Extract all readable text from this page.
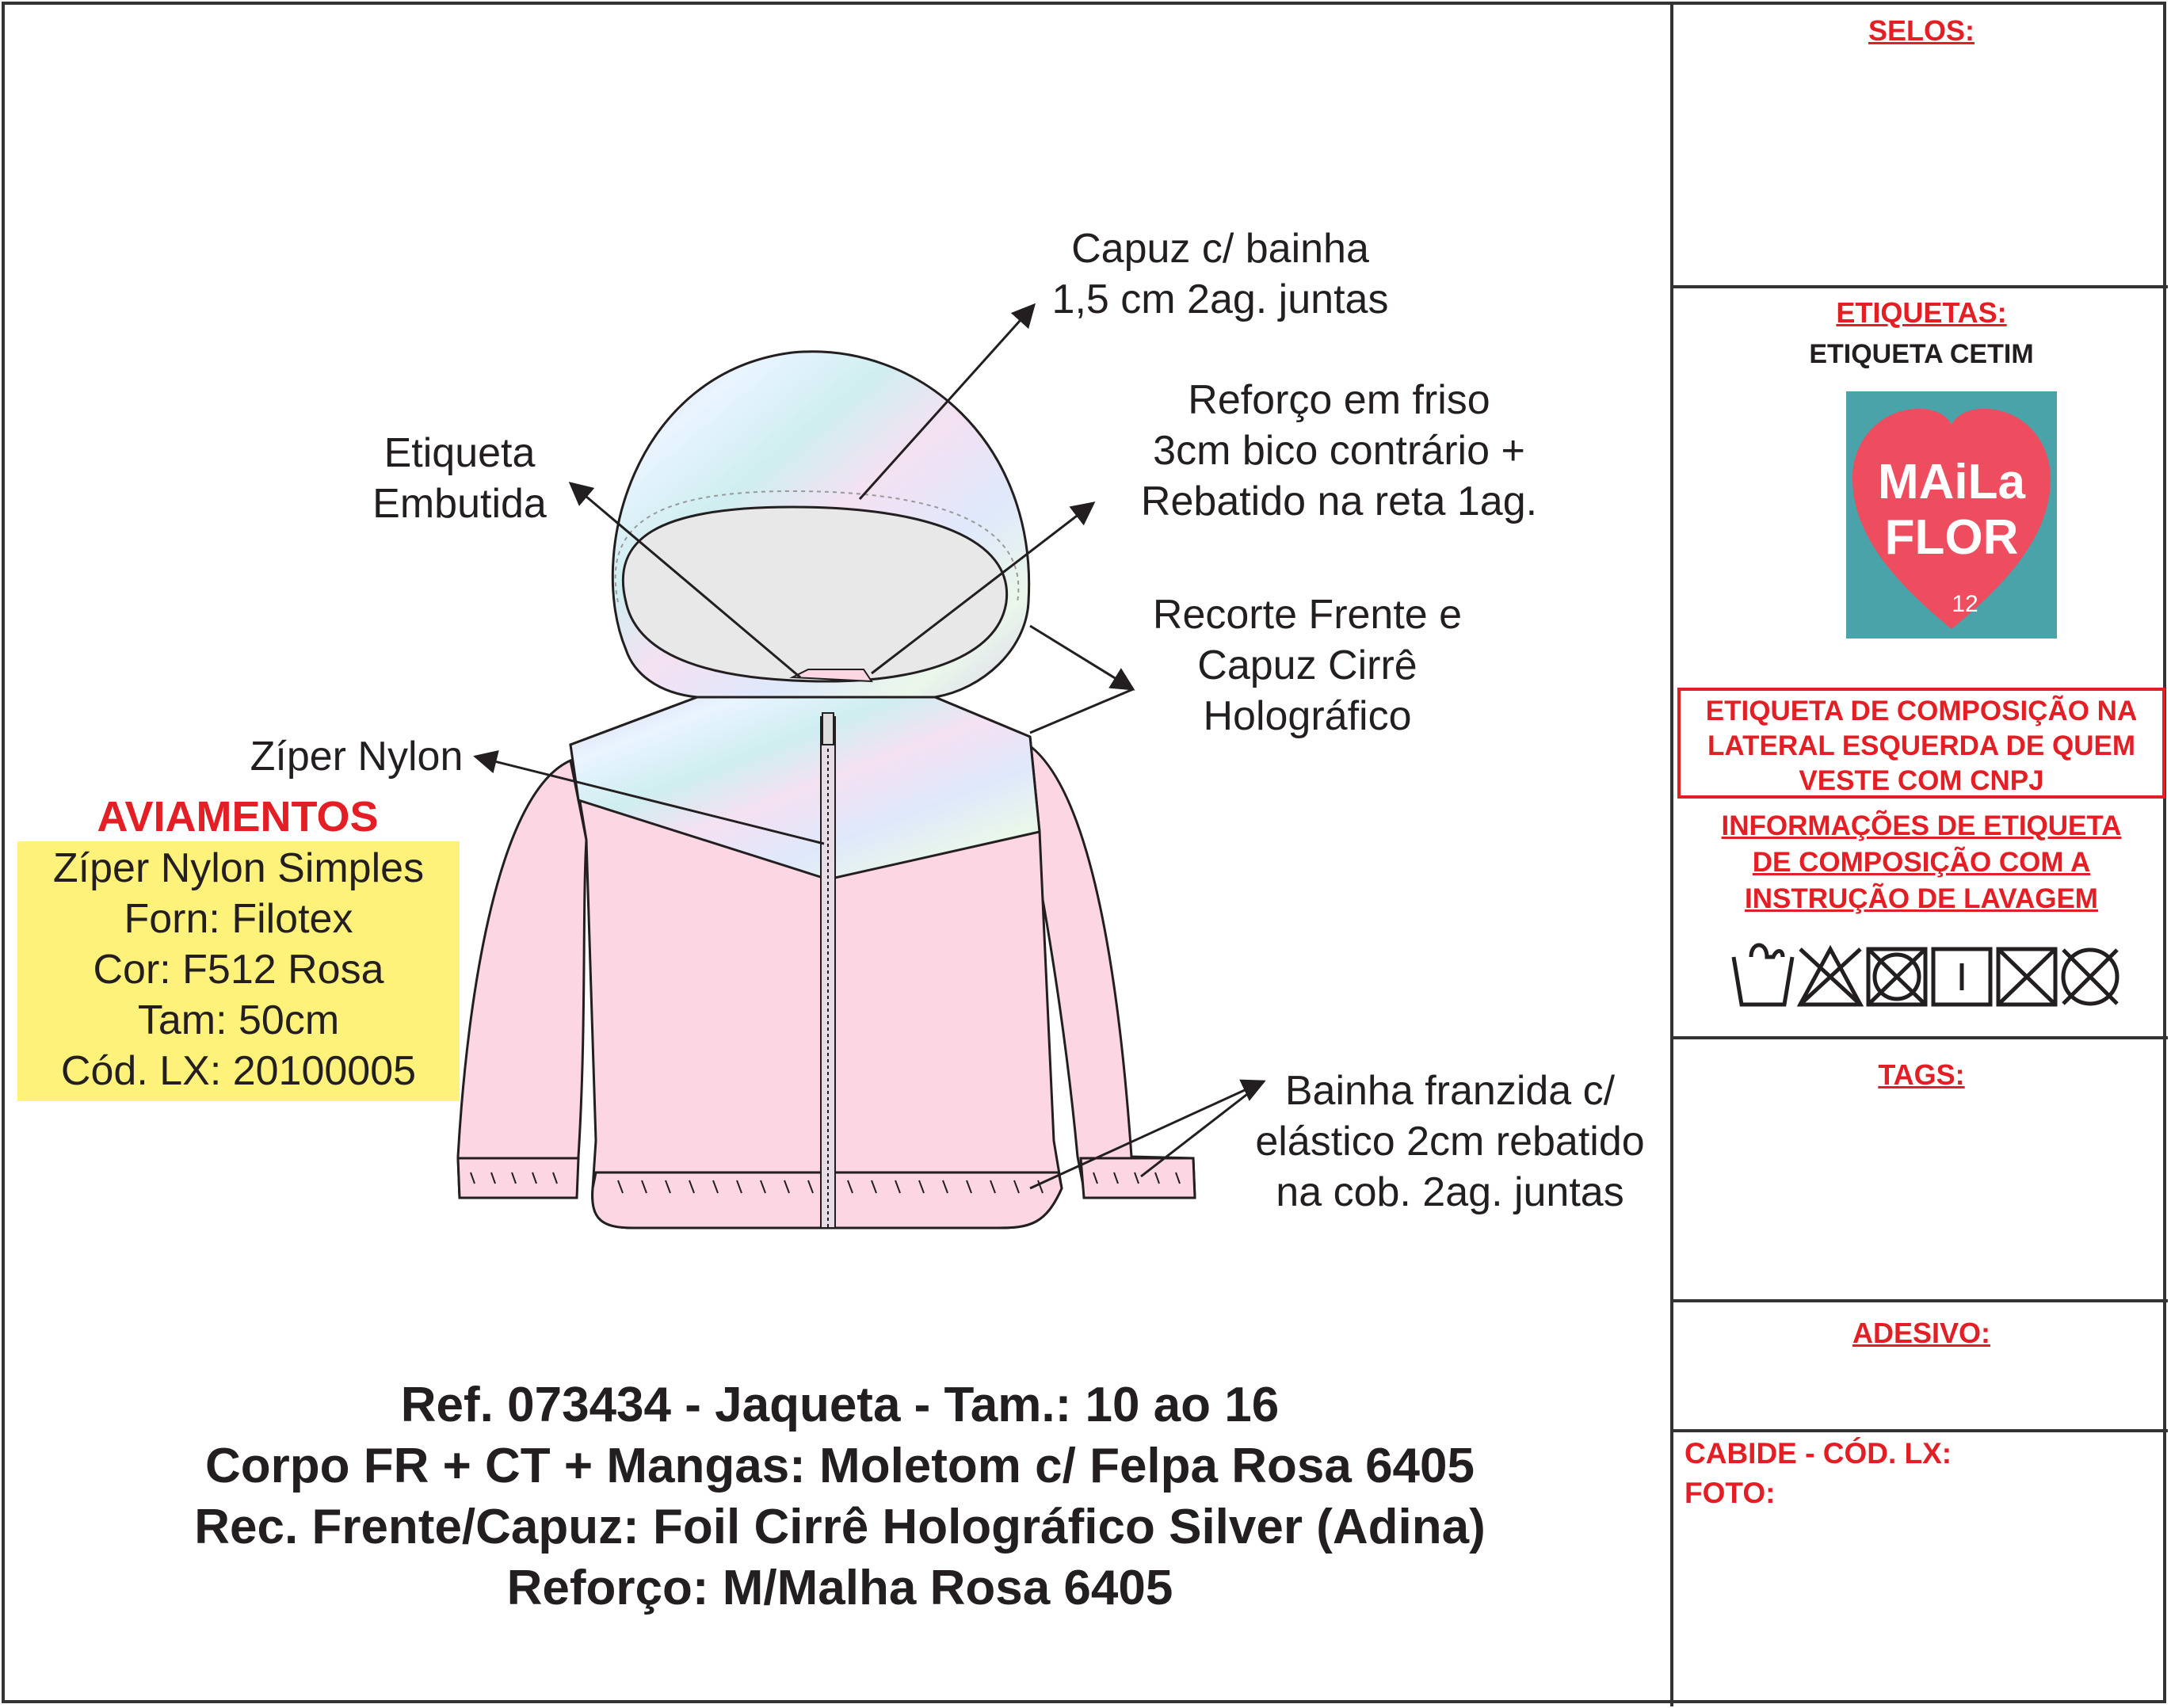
Capuz c/ bainha
1,5 cm 2ag. juntas
Etiqueta
Embutida
Reforço em friso
3cm bico contrário +
Rebatido na reta 1ag.
Recorte Frente e
Capuz Cirrê
Holográfico
Zíper Nylon
Bainha franzida c/
elástico 2cm rebatido
na cob. 2ag. juntas
AVIAMENTOS
Zíper Nylon Simples
Forn: Filotex
Cor: F512 Rosa
Tam: 50cm
Cód. LX: 20100005
Ref. 073434 - Jaqueta - Tam.: 10 ao 16
Corpo FR + CT + Mangas: Moletom c/ Felpa Rosa 6405
Rec. Frente/Capuz: Foil Cirrê Holográfico Silver (Adina)
Reforço: M/Malha Rosa 6405
SELOS:
ETIQUETAS:
ETIQUETA CETIM
MAiLa
FLOR
12
ETIQUETA DE COMPOSIÇÃO NA
LATERAL ESQUERDA DE QUEM
VESTE COM CNPJ
INFORMAÇÕES DE ETIQUETA
DE COMPOSIÇÃO COM A
INSTRUÇÃO DE LAVAGEM
TAGS:
ADESIVO:
CABIDE - CÓD. LX:
FOTO:
